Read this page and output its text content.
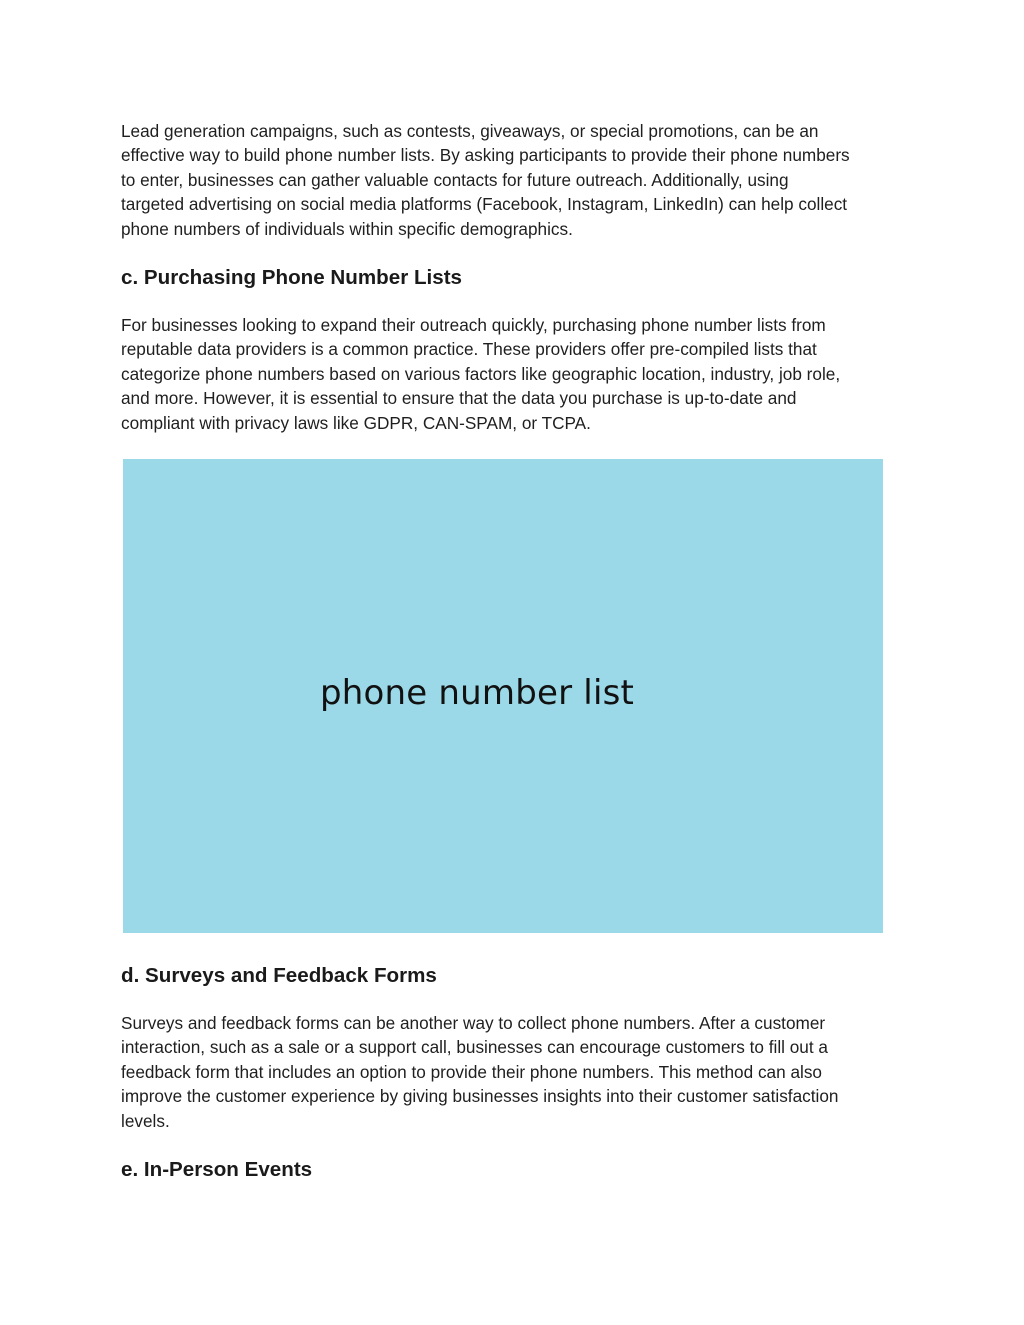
Lead generation campaigns, such as contests, giveaways, or special promotions, can be an
effective way to build phone number lists. By asking participants to provide their phone numbers
to enter, businesses can gather valuable contacts for future outreach. Additionally, using
targeted advertising on social media platforms (Facebook, Instagram, LinkedIn) can help collect
phone numbers of individuals within specific demographics.

c. Purchasing Phone Number Lists

For businesses looking to expand their outreach quickly, purchasing phone number lists from
reputable data providers is a common practice. These providers offer pre-compiled lists that
categorize phone numbers based on various factors like geographic location, industry, job role,
and more. However, it is essential to ensure that the data you purchase is up-to-date and
compliant with privacy laws like GDPR, CAN-SPAM, or TCPA.

d. Surveys and Feedback Forms

Surveys and feedback forms can be another way to collect phone numbers. After a customer
interaction, such as a sale or a support call, businesses can encourage customers to fill out a
feedback form that includes an option to provide their phone numbers. This method can also
improve the customer experience by giving businesses insights into their customer satisfaction
levels.

e. In-Person Events
phone number list
